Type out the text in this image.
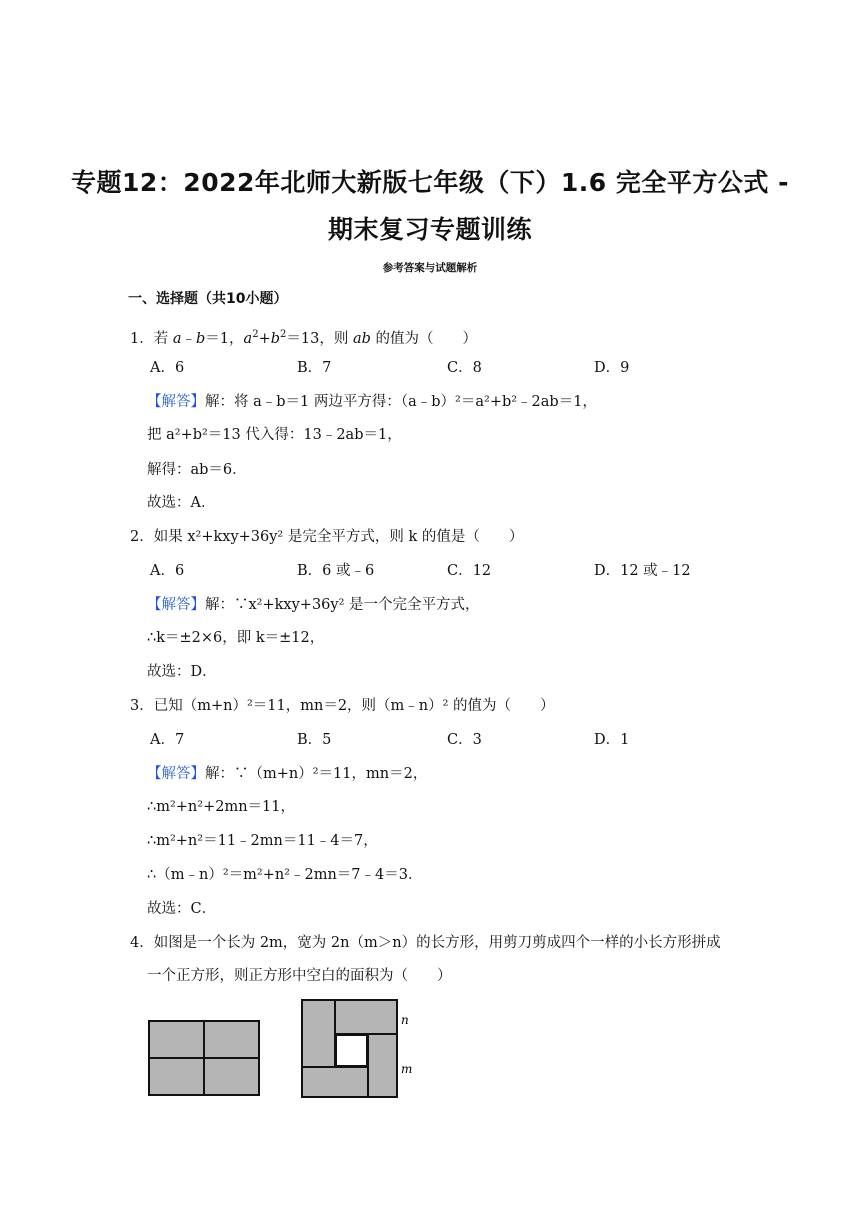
专题12：2022年北师大新版七年级（下）1.6 完全平方公式 -
期末复习专题训练
参考答案与试题解析
一、选择题（共10小题）
1．若 a﹣b＝1，$a^2+b^2=13$，则 ab 的值为（　　）
A．6	B．7	C．8	D．9
【解答】解：将 a﹣b＝1 两边平方得：（a﹣b）²＝a²+b²﹣2ab＝1，
把 a²+b²＝13 代入得：13﹣2ab＝1，
解得：ab＝6．
故选：A．
2．如果 x²+kxy+36y² 是完全平方式，则 k 的值是（　　）
A．6	B．6 或﹣6	C．12	D．12 或﹣12
【解答】解：∵x²+kxy+36y² 是一个完全平方式，
∴k＝±2×6，即 k＝±12，
故选：D．
3．已知（m+n）²＝11，mn＝2，则（m﹣n）² 的值为（　　）
A．7	B．5	C．3	D．1
【解答】解：∵（m+n）²＝11，mn＝2，
∴m²+n²+2mn＝11，
∴m²+n²＝11﹣2mn＝11﹣4＝7，
∴（m﹣n）²＝m²+n²﹣2mn＝7﹣4＝3．
故选：C．
4．如图是一个长为 2m，宽为 2n（m＞n）的长方形，用剪刀剪成四个一样的小长方形拼成
一个正方形，则正方形中空白的面积为（　　）
n
m
